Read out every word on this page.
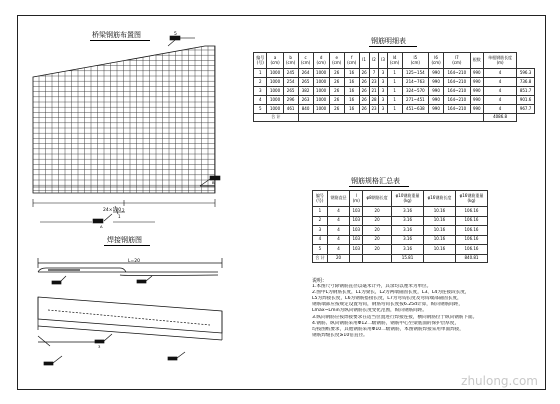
桥梁钢筋布置图	5
24×100
1
2
A
B
L=20
3
焊接钢筋图
钢筋明细表
编号
(号)	a
(cm)	b
(cm)	c
(cm)	d
(cm)	e
(cm)	f
(cm)	l1	l2	l3	l4
(cm)	l5
(cm)	l6
(cm)	l7
(cm)	根数	单根钢筋长度
(m)	
1	1000	245	264	1000	26	16	26	7	3	1	125~154	990	164~210	990	4	596.3
2	1000	254	265	1000	26	16	26	23	3	1	214~763	990	164~210	990	4	736.8
3	1000	265	382	1000	26	16	26	21	3	1	324~570	990	164~210	990	4	851.7
4	1000	296	263	1000	26	16	26	28	3	1	271~451	990	164~210	990	4	901.6
5	1000	461	840	1000	26	16	26	23	3	1	451~638	990	164~210	990	4	967.7
合 计															4086.8	
钢筋规格汇总表
编号
(号)	钢筋直径	l
(m)	φ8钢筋长度	φ10钢筋重量
(kg)	φ16钢筋长度	φ16钢筋重量
(kg)
1	4	103	20	3.16	10.16	106.16
2	4	103	20	3.16	10.16	106.16
3	4	103	20	3.16	10.16	106.16
4	4	103	20	3.16	10.16	106.16
5	4	103	20	3.16	10.16	106.16
合 计	20			15.81		840.81
说明：
1.本图尺寸除钢筋直径以毫米计外，其余均以厘米为单位。
2.图中L为钢筋长度，L1为梁长，L2为两端锚固长度，L3、L4为连接段长度，
L5为焊接长度，L6为钢筋搭接长度，L7为弯钩长度及弯钩端部锚固长度，
钢筋端部应按规定设置弯钩，钢筋弯钩长度按6.25d计算，纵向钢筋间距，
Lmax~Lmin为纵向钢筋长度变化范围，纵向钢筋间距。
3.纵向钢筋应按焊接要求在适当位置进行焊接连接，横向钢筋位于纵向钢筋下面。
4.钢筋、纵向钢筋采用Φ12二级钢筋，钢筋中心至梁底面的保护层厚度，
均按图纸要求，其他钢筋采用Φ10二级钢筋，本图钢筋焊接采用单面焊接，
钢筋焊缝长度≥10倍直径。
zhulong.com
